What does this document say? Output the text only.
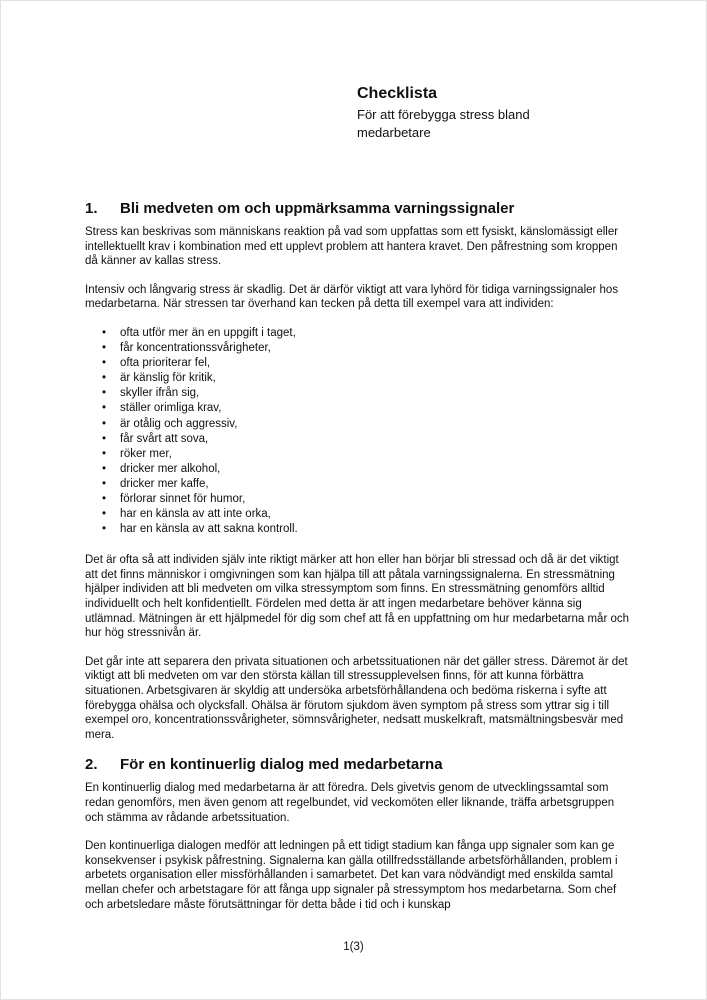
Checklista
För att förebygga stress bland medarbetare
1.	Bli medveten om och uppmärksamma varningssignaler

Stress kan beskrivas som människans reaktion på vad som uppfattas som ett fysiskt, känslomässigt eller intellektuellt krav i kombination med ett upplevt problem att hantera kravet. Den påfrestning som kroppen då känner av kallas stress.

Intensiv och långvarig stress är skadlig. Det är därför viktigt att vara lyhörd för tidiga varningssignaler hos medarbetarna. När stressen tar överhand kan tecken på detta till exempel vara att individen:

• ofta utför mer än en uppgift i taget,
• får koncentrationssvårigheter,
• ofta prioriterar fel,
• är känslig för kritik,
• skyller ifrån sig,
• ställer orimliga krav,
• är otålig och aggressiv,
• får svårt att sova,
• röker mer,
• dricker mer alkohol,
• dricker mer kaffe,
• förlorar sinnet för humor,
• har en känsla av att inte orka,
• har en känsla av att sakna kontroll.

Det är ofta så att individen själv inte riktigt märker att hon eller han börjar bli stressad och då är det viktigt att det finns människor i omgivningen som kan hjälpa till att påtala varningssignalerna. En stressmätning hjälper individen att bli medveten om vilka stressymptom som finns. En stressmätning genomförs alltid individuellt och helt konfidentiellt. Fördelen med detta är att ingen medarbetare behöver känna sig utlämnad. Mätningen är ett hjälpmedel för dig som chef att få en uppfattning om hur medarbetarna mår och hur hög stressnivån är.

Det går inte att separera den privata situationen och arbetssituationen när det gäller stress. Däremot är det viktigt att bli medveten om var den största källan till stressupplevelsen finns, för att kunna förbättra situationen. Arbetsgivaren är skyldig att undersöka arbetsförhållandena och bedöma riskerna i syfte att förebygga ohälsa och olycksfall. Ohälsa är förutom sjukdom även symptom på stress som yttrar sig i till exempel oro, koncentrationssvårigheter, sömnsvårigheter, nedsatt muskelkraft, matsmältningsbesvär med mera.

2.	För en kontinuerlig dialog med medarbetarna

En kontinuerlig dialog med medarbetarna är att föredra. Dels givetvis genom de utvecklingssamtal som redan genomförs, men även genom att regelbundet, vid veckomöten eller liknande, träffa arbetsgruppen och stämma av rådande arbetssituation.

Den kontinuerliga dialogen medför att ledningen på ett tidigt stadium kan fånga upp signaler som kan ge konsekvenser i psykisk påfrestning. Signalerna kan gälla otillfredsställande arbetsförhållanden, problem i arbetets organisation eller missförhållanden i samarbetet. Det kan vara nödvändigt med enskilda samtal mellan chefer och arbetstagare för att fånga upp signaler på stressymptom hos medarbetarna. Som chef och arbetsledare måste förutsättningar för detta både i tid och i kunskap

1(3)
